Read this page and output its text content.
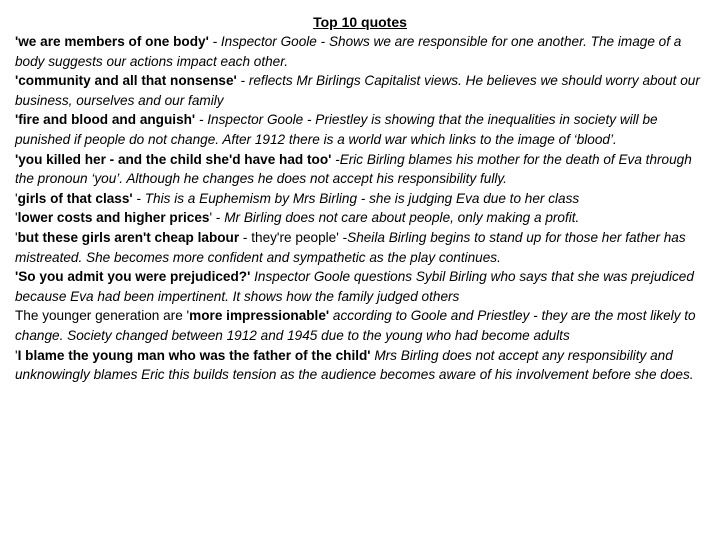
Top 10 quotes

'we are members of one body' - Inspector Goole - Shows we are responsible for one another. The image of a body suggests our actions impact each other.

'community and all that nonsense' - reflects Mr Birlings Capitalist views. He believes we should worry about our business, ourselves and our family

'fire and blood and anguish' - Inspector Goole - Priestley is showing that the inequalities in society will be punished if people do not change. After 1912 there is a world war which links to the image of ‘blood’.

'you killed her - and the child she'd have had too' -Eric Birling blames his mother for the death of Eva through the pronoun ‘you’. Although he changes he does not accept his responsibility fully.

'girls of that class' - This is a Euphemism by Mrs Birling - she is judging Eva due to her class

'lower costs and higher prices' - Mr Birling does not care about people, only making a profit.

'but these girls aren't cheap labour - they're people' -Sheila Birling begins to stand up for those her father has mistreated. She becomes more confident and sympathetic as the play continues.

'So you admit you were prejudiced?' Inspector Goole questions Sybil Birling who says that she was prejudiced because Eva had been impertinent. It shows how the family judged others

The younger generation are 'more impressionable' according to Goole and Priestley - they are the most likely to change. Society changed between 1912 and 1945 due to the young who had become adults

'I blame the young man who was the father of the child' Mrs Birling does not accept any responsibility and unknowingly blames Eric this builds tension as the audience becomes aware of his involvement before she does.
